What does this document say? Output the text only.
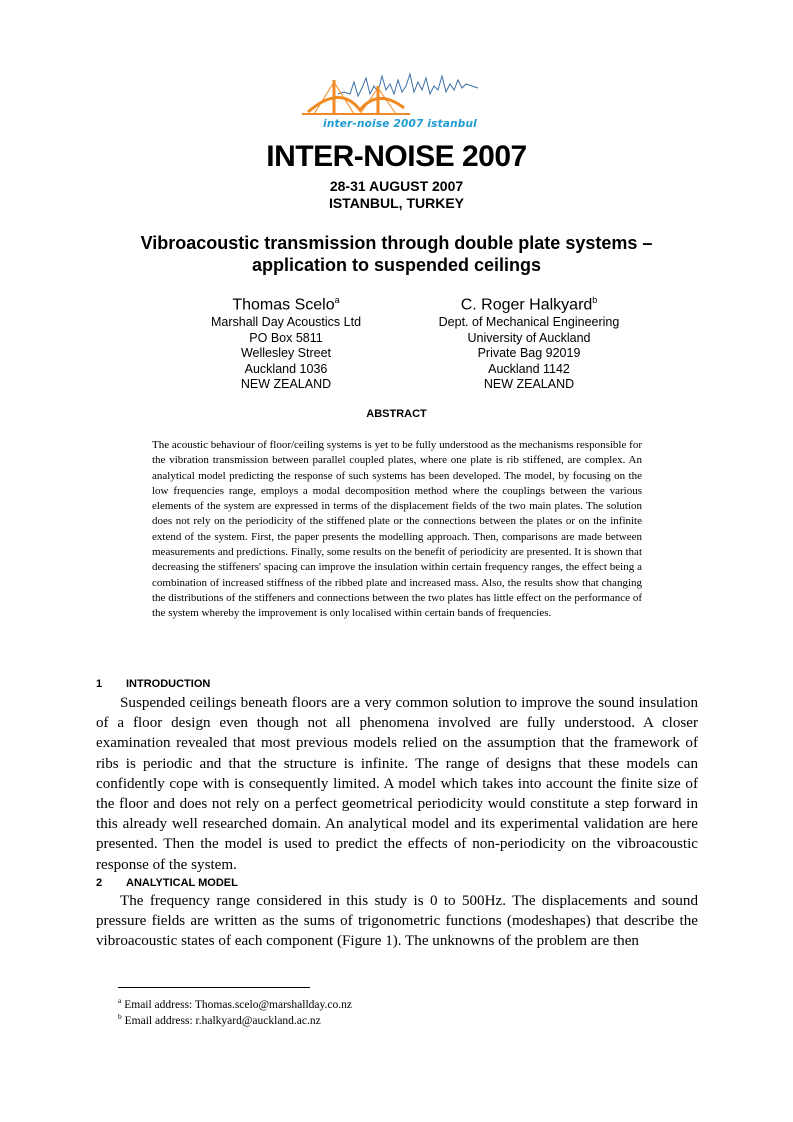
inter-noise 2007 istanbul
INTER-NOISE 2007
28-31 AUGUST 2007
ISTANBUL, TURKEY
Vibroacoustic transmission through double plate systems –
application to suspended ceilings
Thomas Scelo$^a$
Marshall Day Acoustics Ltd
PO Box 5811
Wellesley Street
Auckland 1036
NEW ZEALAND
C. Roger Halkyard$^b$
Dept. of Mechanical Engineering
University of Auckland
Private Bag 92019
Auckland 1142
NEW ZEALAND
ABSTRACT
The acoustic behaviour of floor/ceiling systems is yet to be fully understood as the mechanisms responsible for the vibration transmission between parallel coupled plates, where one plate is rib stiffened, are complex. An analytical model predicting the response of such systems has been developed. The model, by focusing on the low frequencies range, employs a modal decomposition method where the couplings between the various elements of the system are expressed in terms of the displacement fields of the two main plates. The solution does not rely on the periodicity of the stiffened plate or the connections between the plates or on the infinite extend of the system. First, the paper presents the modelling approach. Then, comparisons are made between measurements and predictions. Finally, some results on the benefit of periodicity are presented. It is shown that decreasing the stiffeners' spacing can improve the insulation within certain frequency ranges, the effect being a combination of increased stiffness of the ribbed plate and increased mass. Also, the results show that changing the distributions of the stiffeners and connections between the two plates has little effect on the performance of the system whereby the improvement is only localised within certain bands of frequencies.
1 INTRODUCTION

Suspended ceilings beneath floors are a very common solution to improve the sound insulation of a floor design even though not all phenomena involved are fully understood. A closer examination revealed that most previous models relied on the assumption that the framework of ribs is periodic and that the structure is infinite. The range of designs that these models can confidently cope with is consequently limited. A model which takes into account the finite size of the floor and does not rely on a perfect geometrical periodicity would constitute a step forward in this already well researched domain. An analytical model and its experimental validation are here presented. Then the model is used to predict the effects of non-periodicity on the vibroacoustic response of the system.

2 ANALYTICAL MODEL

The frequency range considered in this study is 0 to 500Hz. The displacements and sound pressure fields are written as the sums of trigonometric functions (modeshapes) that describe the vibroacoustic states of each component (Figure 1). The unknowns of the problem are then

$^a$ Email address: Thomas.scelo@marshallday.co.nz
$^b$ Email address: r.halkyard@auckland.ac.nz
